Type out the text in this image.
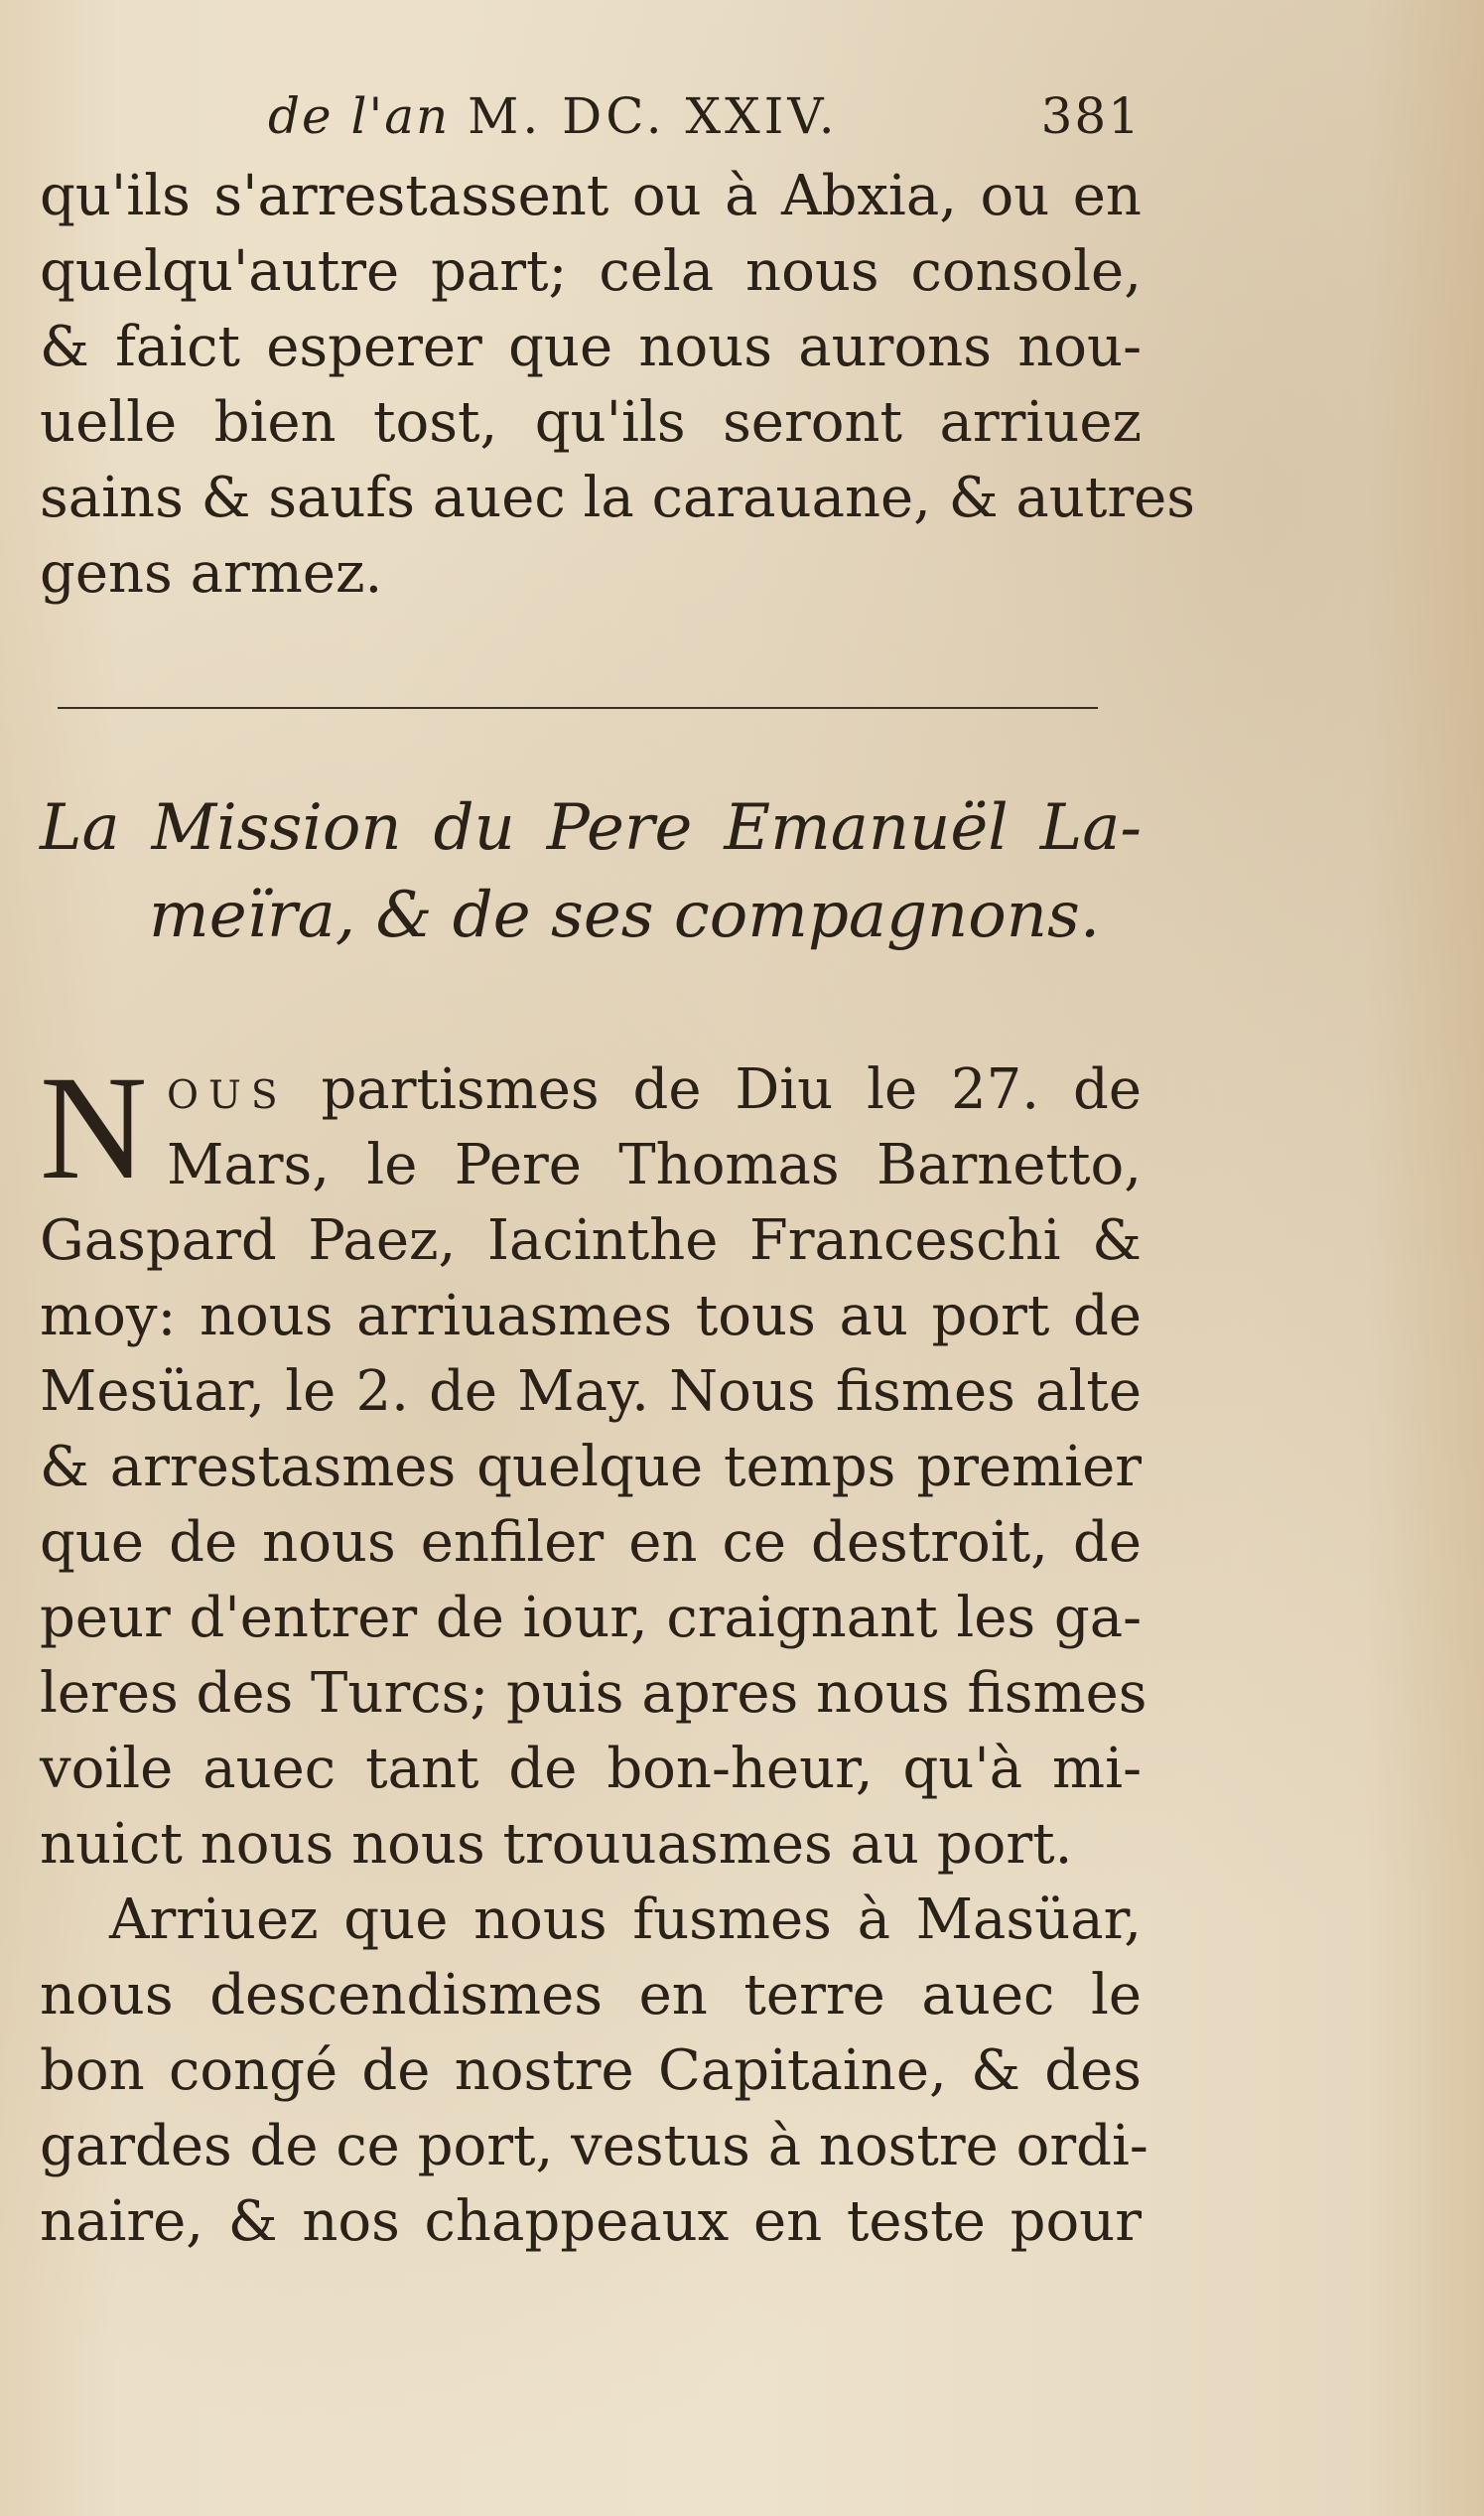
de l'an M. DC. XXIV.	381
qu'ils s'arrestassent ou à Abxia, ou en
quelqu'autre part; cela nous console,
& faict esperer que nous aurons nou-
uelle bien tost, qu'ils seront arriuez
sains & saufs auec la carauane, & autres
gens armez.
La Mission du Pere Emanuël La-
meïra, & de ses compagnons.
N ous partismes de Diu le 27. de
Mars, le Pere Thomas Barnetto,
Gaspard Paez, Iacinthe Franceschi &
moy: nous arriuasmes tous au port de
Mesüar, le 2. de May. Nous fismes alte
& arrestasmes quelque temps premier
que de nous enfiler en ce destroit, de
peur d'entrer de iour, craignant les ga-
leres des Turcs; puis apres nous fismes
voile auec tant de bon-heur, qu'à mi-
nuict nous nous trouuasmes au port.
Arriuez que nous fusmes à Masüar,
nous descendismes en terre auec le
bon congé de nostre Capitaine, & des
gardes de ce port, vestus à nostre ordi-
naire, & nos chappeaux en teste pour
